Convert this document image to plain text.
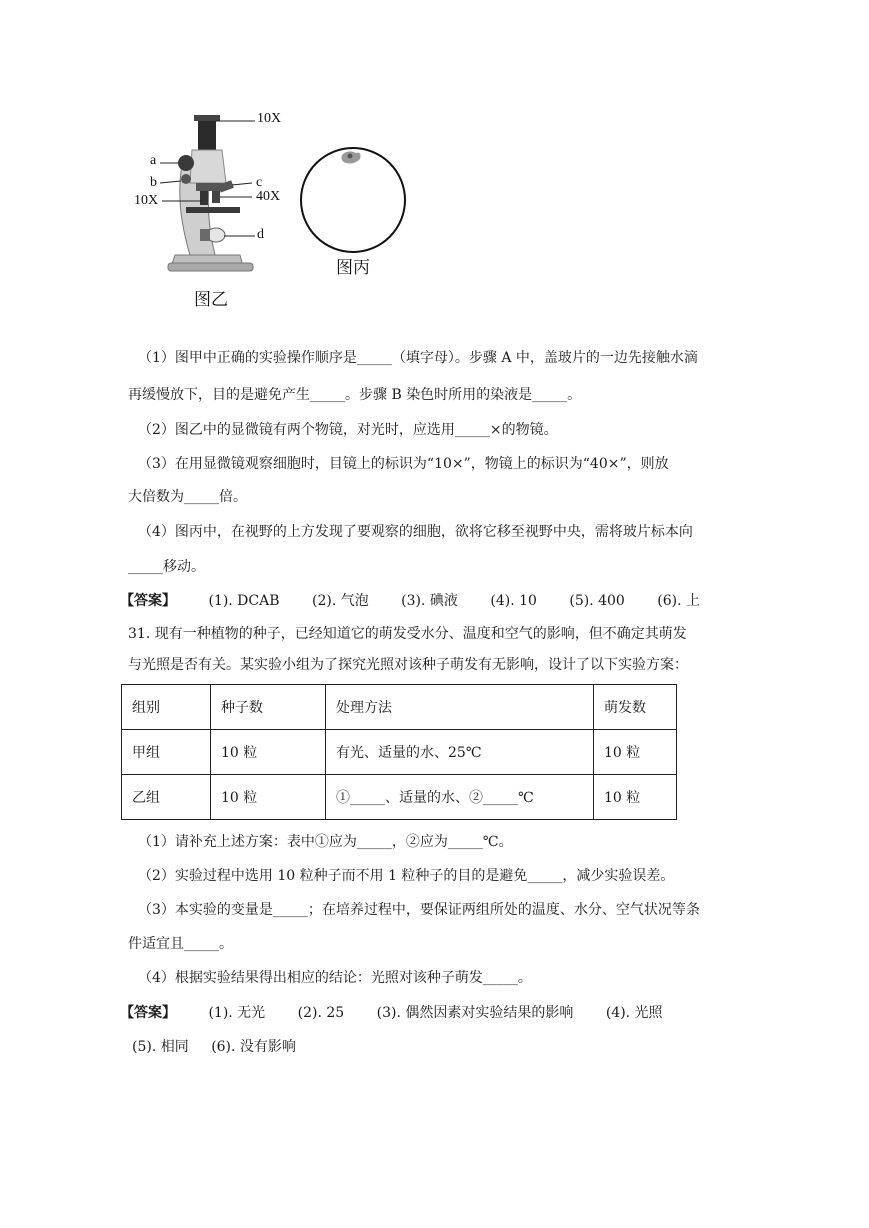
10X
a
b	c
40X
10X
d
图乙
图丙
（1）图甲中正确的实验操作顺序是_____（填字母）。步骤 A 中，盖玻片的一边先接触水滴
再缓慢放下，目的是避免产生_____。步骤 B 染色时所用的染液是_____。
（2）图乙中的显微镜有两个物镜，对光时，应选用_____×的物镜。
（3）在用显微镜观察细胞时，目镜上的标识为“10×”，物镜上的标识为“40×”，则放
大倍数为_____倍。
（4）图丙中，在视野的上方发现了要观察的细胞，欲将它移至视野中央，需将玻片标本向
_____移动。
【答案】 (1). DCAB (2). 气泡 (3). 碘液 (4). 10 (5). 400 (6). 上
31. 现有一种植物的种子，已经知道它的萌发受水分、温度和空气的影响，但不确定其萌发
与光照是否有关。某实验小组为了探究光照对该种子萌发有无影响，设计了以下实验方案：
组别	种子数	处理方法	萌发数
甲组	10 粒	有光、适量的水、25℃	10 粒
乙组	10 粒	①_____、适量的水、②_____℃	10 粒
（1）请补充上述方案：表中①应为_____，②应为_____℃。
（2）实验过程中选用 10 粒种子而不用 1 粒种子的目的是避免_____，减少实验误差。
（3）本实验的变量是_____；在培养过程中，要保证两组所处的温度、水分、空气状况等条
件适宜且_____。
（4）根据实验结果得出相应的结论：光照对该种子萌发_____。
【答案】 (1). 无光 (2). 25 (3). 偶然因素对实验结果的影响 (4). 光照
(5). 相同 (6). 没有影响
